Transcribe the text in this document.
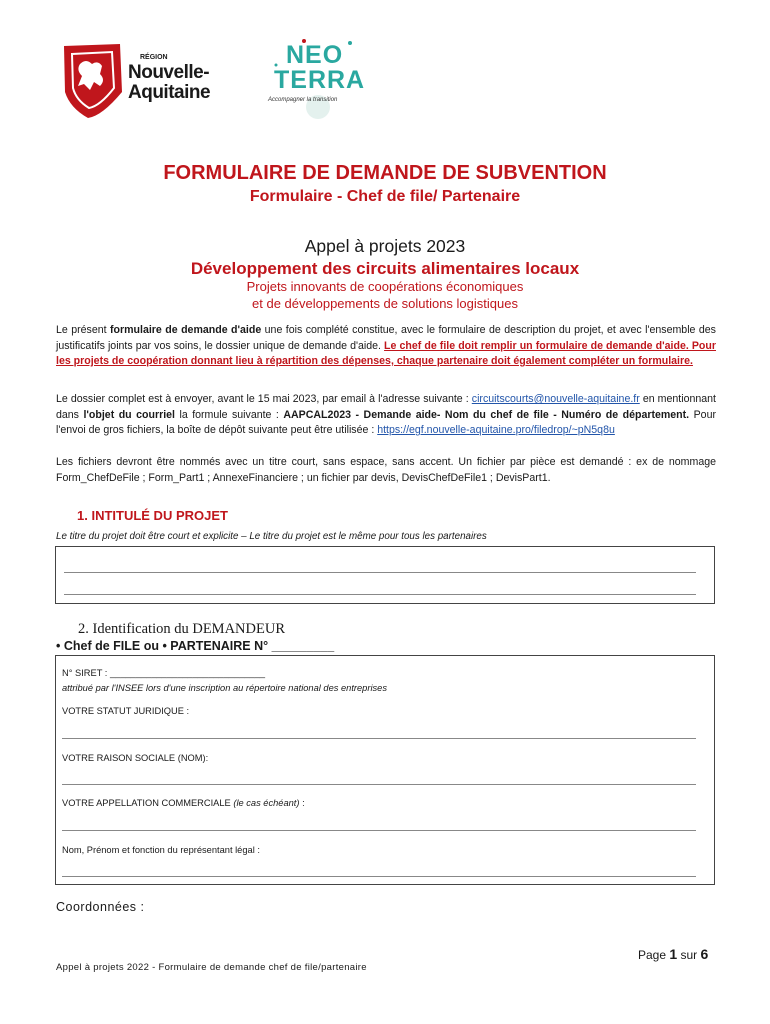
RÉGION
Nouvelle-
Aquitaine
NEO
TERRA
Accompagner la transition
FORMULAIRE DE DEMANDE DE SUBVENTION
Formulaire - Chef de file/ Partenaire
Appel à projets 2023
Développement des circuits alimentaires locaux
Projets innovants de coopérations économiques
et de développements de solutions logistiques
Le présent formulaire de demande d'aide une fois complété constitue, avec le formulaire de description du projet, et avec l'ensemble des justificatifs joints par vos soins, le dossier unique de demande d'aide. Le chef de file doit remplir un formulaire de demande d'aide. Pour les projets de coopération donnant lieu à répartition des dépenses, chaque partenaire doit également compléter un formulaire.
Le dossier complet est à envoyer, avant le 15 mai 2023, par email à l'adresse suivante : circuitscourts@nouvelle-aquitaine.fr en mentionnant dans l'objet du courriel la formule suivante : AAPCAL2023 - Demande aide- Nom du chef de file - Numéro de département. Pour l'envoi de gros fichiers, la boîte de dépôt suivante peut être utilisée : https://egf.nouvelle-aquitaine.pro/filedrop/~pN5q8u
Les fichiers devront être nommés avec un titre court, sans espace, sans accent. Un fichier par pièce est demandé : ex de nommage Form_ChefDeFile ; Form_Part1 ; AnnexeFinanciere ; un fichier par devis, DevisChefDeFile1 ; DevisPart1.
1. INTITULÉ DU PROJET
Le titre du projet doit être court et explicite – Le titre du projet est le même pour tous les partenaires
2. Identification du DEMANDEUR
• Chef de FILE ou • PARTENAIRE N° _________
N° SIRET : ______________________________
attribué par l'INSEE lors d'une inscription au répertoire national des entreprises
VOTRE STATUT JURIDIQUE :
VOTRE RAISON SOCIALE (NOM):
VOTRE APPELLATION COMMERCIALE (le cas échéant) :
Nom, Prénom et fonction du représentant légal :
Coordonnées :
Page 1 sur 6
Appel à projets 2022 - Formulaire de demande chef de file/partenaire
